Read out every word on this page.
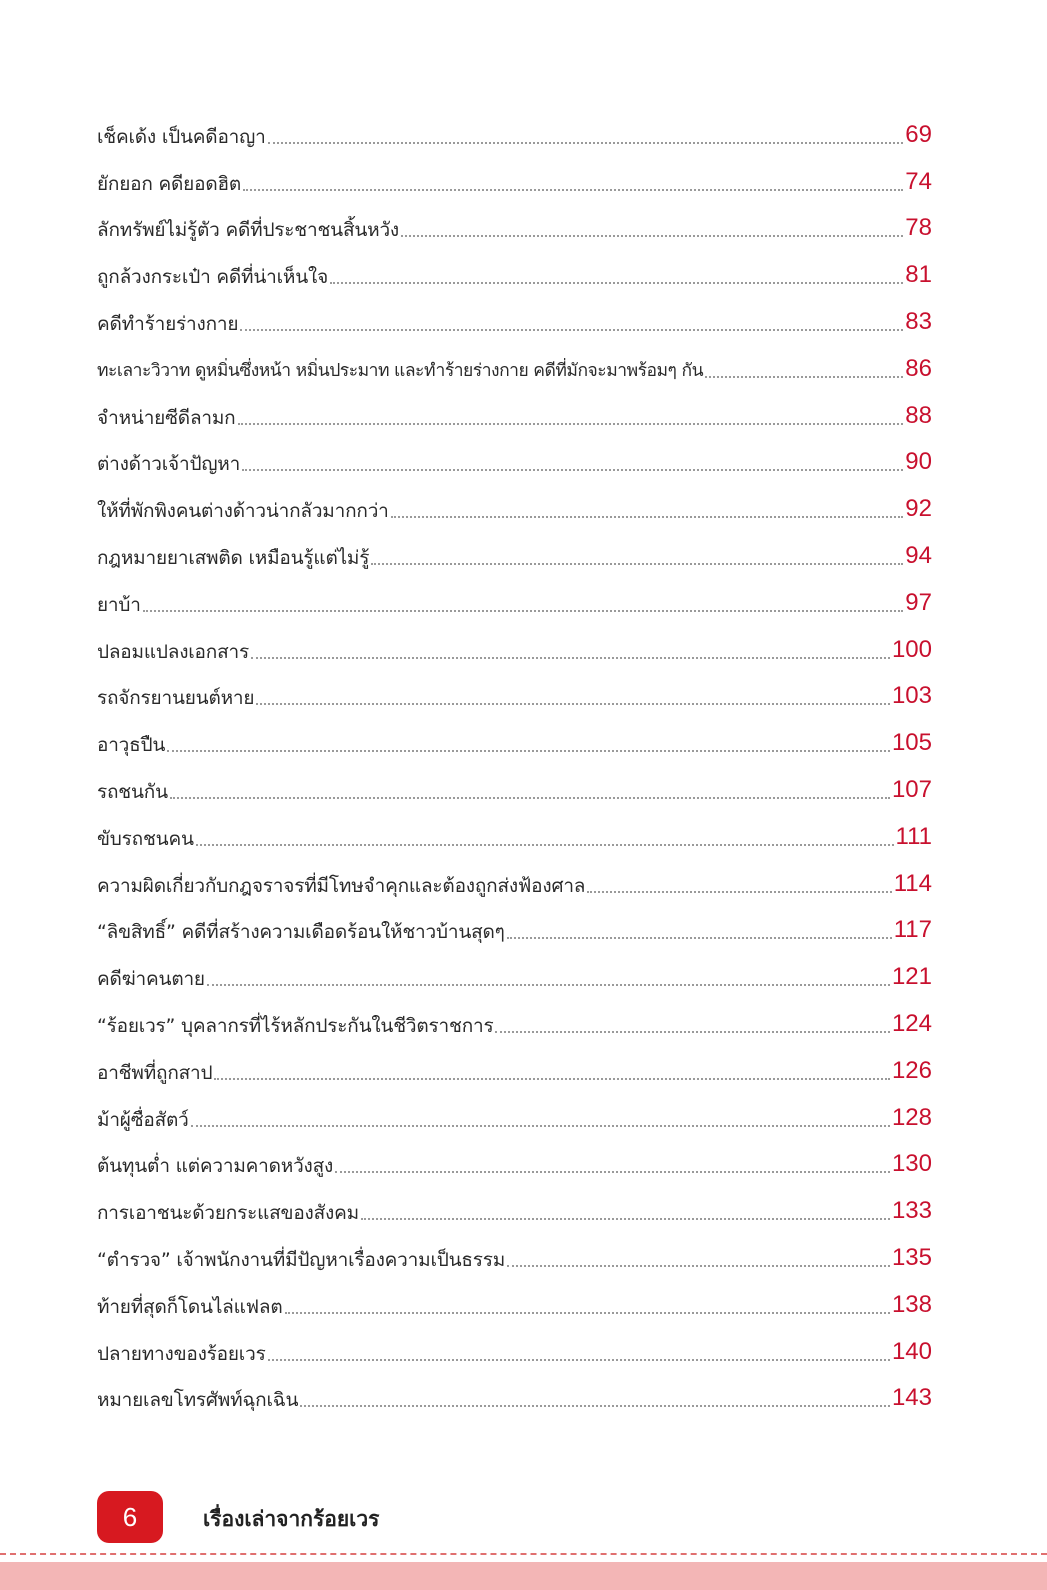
เช็คเด้ง เป็นคดีอาญา	69
ยักยอก คดียอดฮิต	74
ลักทรัพย์ไม่รู้ตัว คดีที่ประชาชนสิ้นหวัง	78
ถูกล้วงกระเป๋า คดีที่น่าเห็นใจ	81
คดีทำร้ายร่างกาย	83
ทะเลาะวิวาท ดูหมิ่นซึ่งหน้า หมิ่นประมาท และทำร้ายร่างกาย คดีที่มักจะมาพร้อมๆ กัน	86
จำหน่ายซีดีลามก	88
ต่างด้าวเจ้าปัญหา	90
ให้ที่พักพิงคนต่างด้าวน่ากลัวมากกว่า	92
กฎหมายยาเสพติด เหมือนรู้แต่ไม่รู้	94
ยาบ้า	97
ปลอมแปลงเอกสาร	100
รถจักรยานยนต์หาย	103
อาวุธปืน	105
รถชนกัน	107
ขับรถชนคน	111
ความผิดเกี่ยวกับกฎจราจรที่มีโทษจำคุกและต้องถูกส่งฟ้องศาล	114
“ลิขสิทธิ์” คดีที่สร้างความเดือดร้อนให้ชาวบ้านสุดๆ	117
คดีฆ่าคนตาย	121
“ร้อยเวร” บุคลากรที่ไร้หลักประกันในชีวิตราชการ	124
อาชีพที่ถูกสาป	126
ม้าผู้ซื่อสัตว์	128
ต้นทุนต่ำ แต่ความคาดหวังสูง	130
การเอาชนะด้วยกระแสของสังคม	133
“ตำรวจ” เจ้าพนักงานที่มีปัญหาเรื่องความเป็นธรรม	135
ท้ายที่สุดก็โดนไล่แฟลต	138
ปลายทางของร้อยเวร	140
หมายเลขโทรศัพท์ฉุกเฉิน	143
6	เรื่องเล่าจากร้อยเวร
